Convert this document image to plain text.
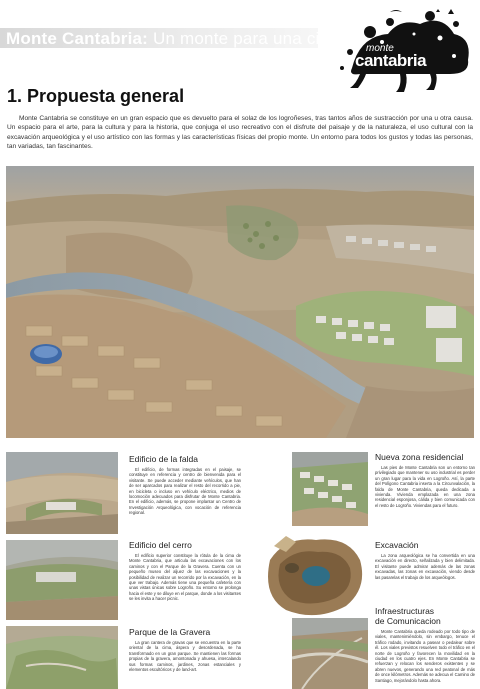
Monte Cantabria: Un monte para una ciudad
monte
cantabria
1. Propuesta general

Monte Cantabria se constituye en un gran espacio que es devuelto para el solaz de los logroñeses, tras tantos años de sustracción por una u otra causa. Un espacio para el arte, para la cultura y para la historia, que conjuga el uso recreativo con el disfrute del paisaje y de la naturaleza, el uso cultural con la excavación arqueológica y el uso artístico con las formas y las características físicas del propio monte. Un entorno para todos los gustos y todas las personas, tan variadas, tan fascinantes.

Edificio de la falda

El edificio, de formas integradas en el paisaje, se constituye en referencia y centro de bienvenida para el visitante. Se puede acceder mediante vehículos, que han de ser aparcados para realizar el resto del recorrido a pie, en bicicleta o incluso en vehículo eléctrico, medios de locomoción adecuados para disfrutar de Monte Cantabria. En el edificio, además, se propone implantar un Centro de Investigación Arqueológica, con vocación de referencia regional.

Nueva zona residencial

Las pies de Monte Cantabria son un entorno tan privilegiado que mantener su uso industrial es perder un gran lugar para la vida en Logroño. Así, la parte del Polígono Cantabria inserta a la Circunvalación, la falda de Monte Cantabria, queda dedicada a vivienda. Vivienda emplazada en una zona residencial esponjosa, cálida y bien comunicada con el resto de Logroño. Viviendas para el futuro.

Edificio del cerro

El edificio superior constituye la rótula de la cima de Monte Cantabria, que articula las excavaciones con los caminos y con el Parque de la Gravera. Cuenta con un pequeño museo del aljuez de las excavaciones y la posibilidad de realizar un recorrido por la excavación, en la que ver trabajo. Además tiene una pequeña cafetería con unas vistas únicas sobre Logroño. Su entorno se prolonga hacia el este y se diluye en el parque, donde a los visitantes se les invita a hacer picnic.

Excavación

La zona arqueológica se ha convertida en una excavación en directo, señalizada y bien delimitada. El visitante puede admirar además de las zonas excavadas, las zonas en excavación, viendo desde las pasarelas el trabajo de los arqueólogos.

Parque de la Gravera

La gran cantera de gravas que se encuentra en la parte oriental de la cima, áspera y desordenada, se ha transformado en un gran parque. Se mantienen las formas propias de la gravera, amontonada y ahuesa, intercalando sus formas caminos, jardines, zonas estanciales y elementos escultóricos y de land-art.

Infraestructuras
de Comunicacion

Monte Cantabria queda rodeado por todo tipo de viales, mantenimiéndolo, sin embargo, tenuce el tráfico rodado, invitando a pasear o pedalear sobre él. Los viales previstos resuelven todo el tráfico en el norte de Logroño y favorecen la movilidad en la ciudad en los cuatro ejes. En Monte Cantabria se refuerzan y relocan los senderos existentes y se abren nuevos, generando una red peatonal de más de once kilómetros. Además se adecua el Camino de Santiago, mejorándolo hasta ahora.
